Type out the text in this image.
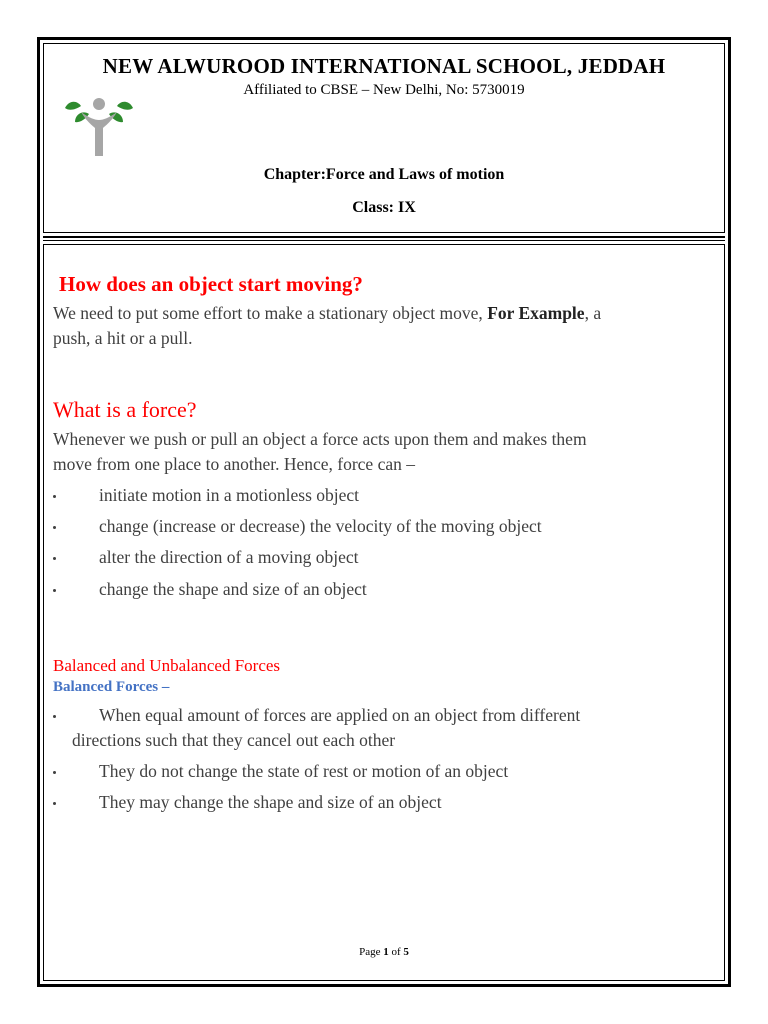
NEW ALWUROOD INTERNATIONAL SCHOOL, JEDDAH
Affiliated to CBSE – New Delhi, No: 5730019
Chapter:Force and Laws of motion
Class: IX
How does an object start moving?
We need to put some effort to make a stationary object move, For Example, a
push, a hit or a pull.
What is a force?
Whenever we push or pull an object a force acts upon them and makes them
move from one place to another. Hence, force can –
initiate motion in a motionless object
change (increase or decrease) the velocity of the moving object
alter the direction of a moving object
change the shape and size of an object
Balanced and Unbalanced Forces
Balanced Forces –
When equal amount of forces are applied on an object from different
directions such that they cancel out each other
They do not change the state of rest or motion of an object
They may change the shape and size of an object
Page 1 of 5
